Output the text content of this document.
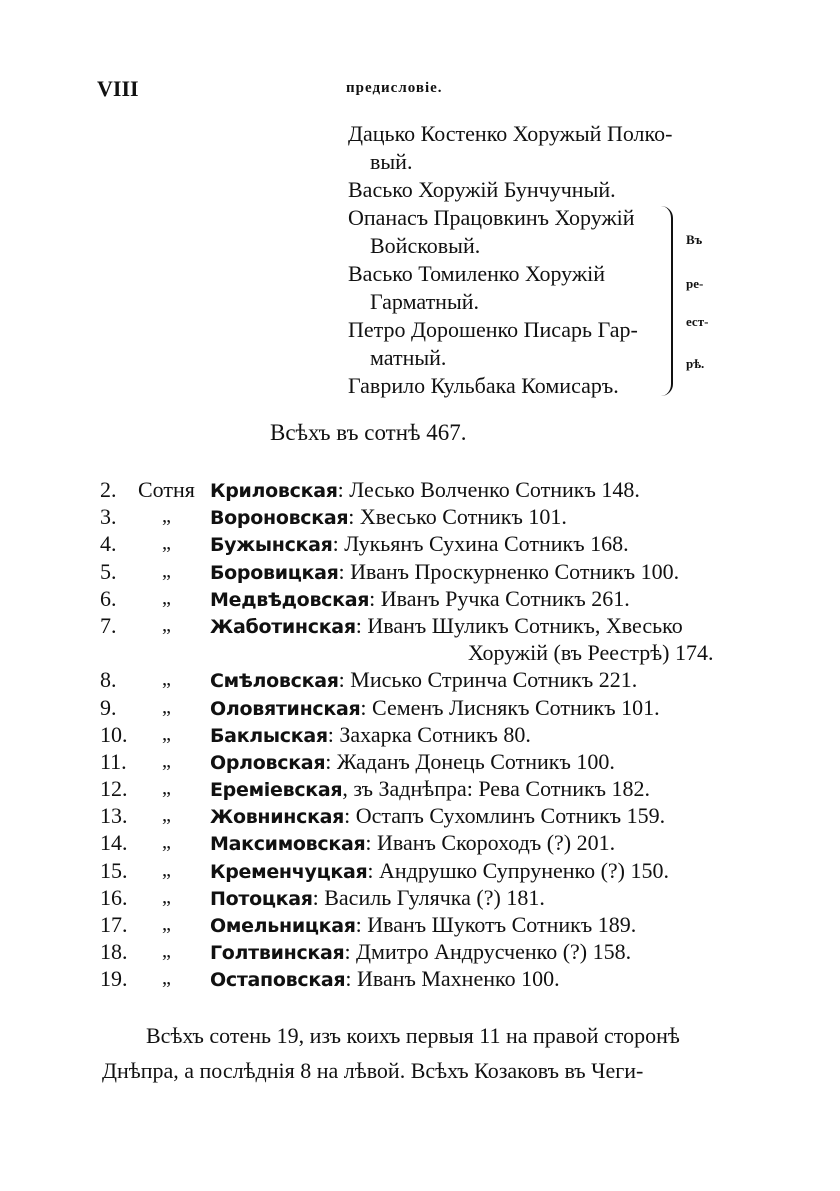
VIII	предисловіе.
Дацько Костенко Хоружый Полко-
вый.
Васько Хоружій Бунчучный.
Опанасъ Працовкинъ Хоружій
Войсковый.
Васько Томиленко Хоружій
Гарматный.
Петро Дорошенко Писарь Гар-
матный.
Гаврило Кульбака Комисаръ.
Въ
ре-
ест-
рѣ.
Всѣхъ въ сотнѣ 467.
2. Сотня Криловская: Лесько Волченко Сотникъ 148.
3.	„	Вороновская: Хвесько Сотникъ 101.
4.	„	Бужынская: Лукьянъ Сухина Сотникъ 168.
5.	„	Боровицкая: Иванъ Проскурненко Сотникъ 100.
6.	„	Медвѣдовская: Иванъ Ручка Сотникъ 261.
7.	„	Жаботинская: Иванъ Шуликъ Сотникъ, Хвесько
Хоружій (въ Реестрѣ) 174.
8.	„	Смѣловская: Мисько Стринча Сотникъ 221.
9.	„	Оловятинская: Семенъ Лиснякъ Сотникъ 101.
10.	„	Баклыская: Захарка Сотникъ 80.
11.	„	Орловская: Жаданъ Донець Сотникъ 100.
12.	„	Еремiевская, зъ Заднѣпра: Рева Сотникъ 182.
13.	„	Жовнинская: Остапъ Сухомлинъ Сотникъ 159.
14.	„	Максимовская: Иванъ Скороходъ (?) 201.
15.	„	Кременчуцкая: Андрушко Супруненко (?) 150.
16.	„	Потоцкая: Василь Гулячка (?) 181.
17.	„	Омельницкая: Иванъ Шукотъ Сотникъ 189.
18.	„	Голтвинская: Дмитро Андрусченко (?) 158.
19.	„	Остаповская: Иванъ Махненко 100.
Всѣхъ сотень 19, изъ коихъ первыя 11 на правой сторонѣ
Днѣпра, а послѣднія 8 на лѣвой. Всѣхъ Козаковъ въ Чеги-
